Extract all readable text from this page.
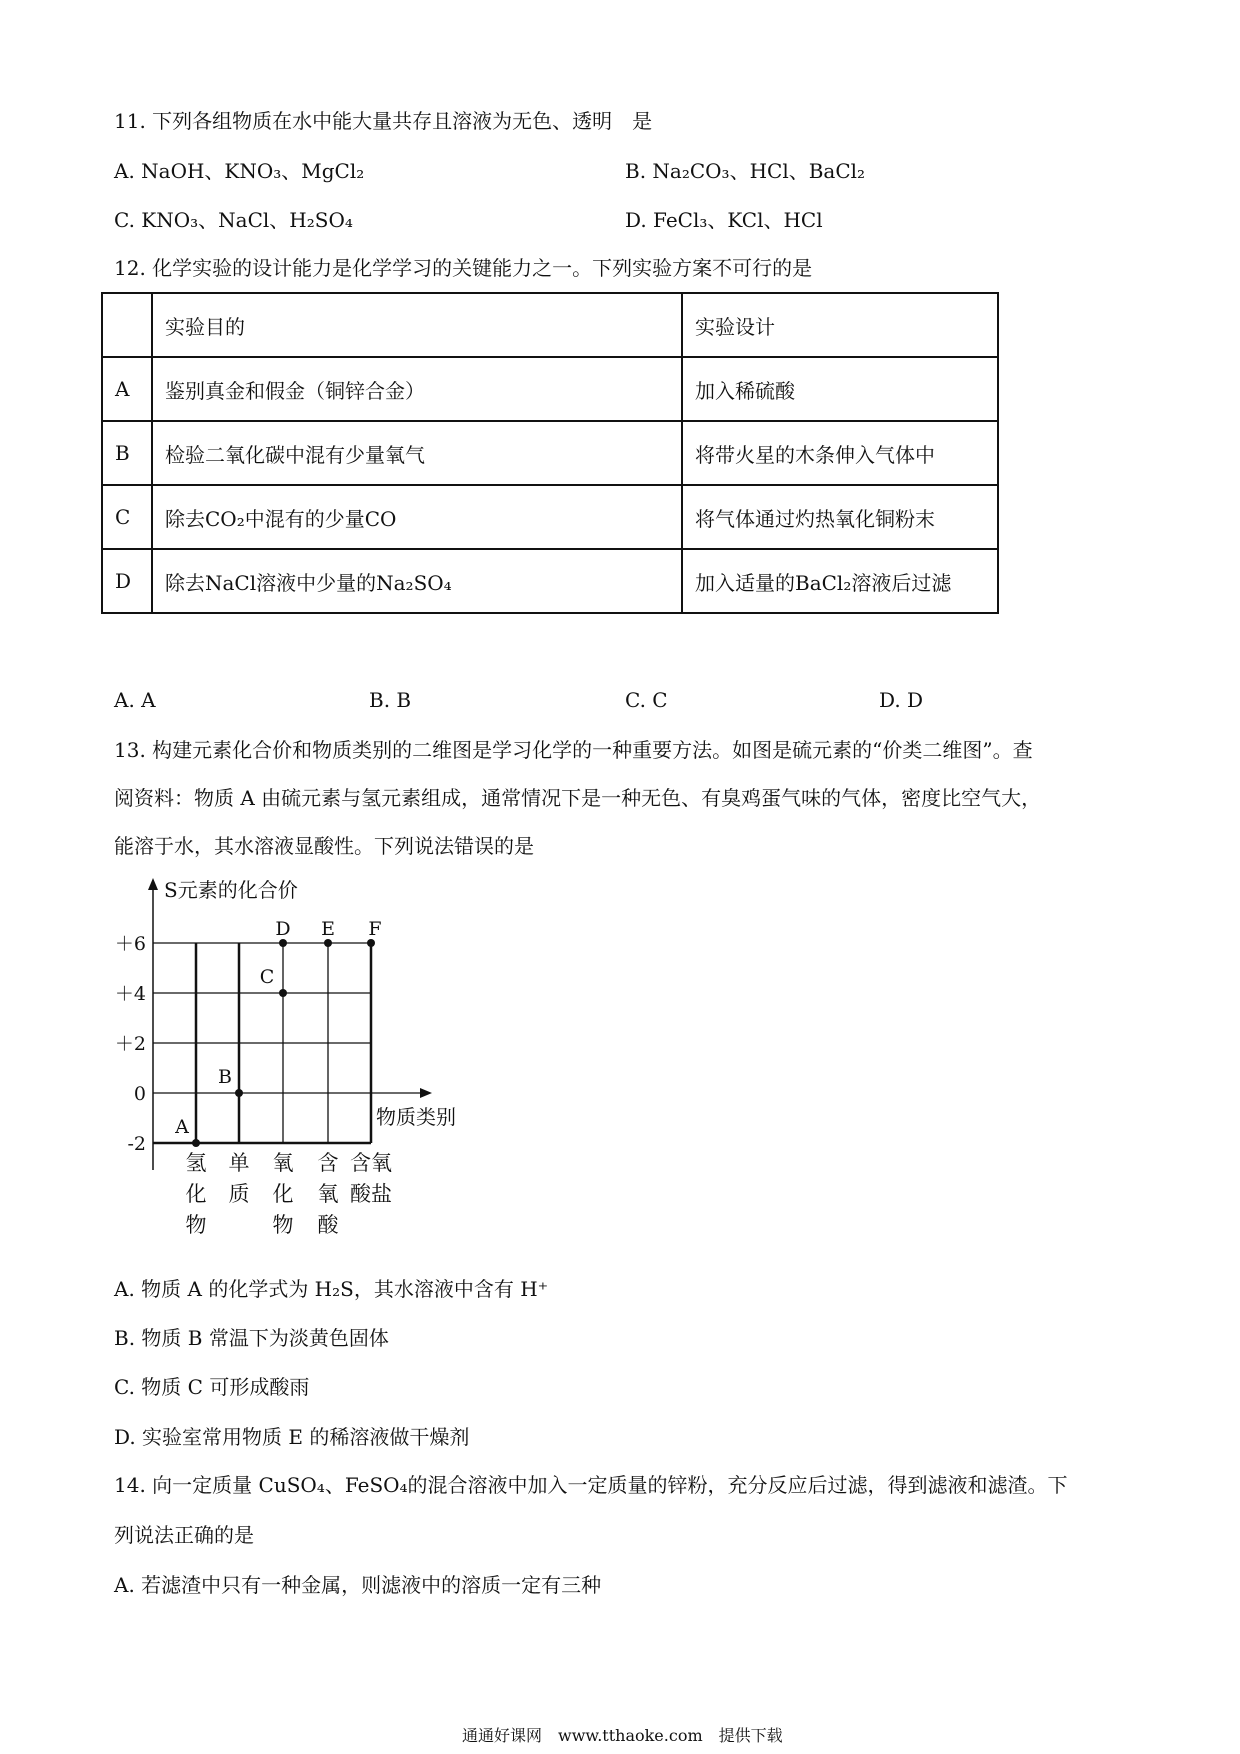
11. 下列各组物质在水中能大量共存且溶液为无色、透明　是
A. NaOH、KNO₃、MgCl₂	B. Na₂CO₃、HCl、BaCl₂
C. KNO₃、NaCl、H₂SO₄	D. FeCl₃、KCl、HCl
12. 化学实验的设计能力是化学学习的关键能力之一。下列实验方案不可行的是
	实验目的	实验设计
A	鉴别真金和假金（铜锌合金）	加入稀硫酸
B	检验二氧化碳中混有少量氧气	将带火星的木条伸入气体中
C	除去CO₂中混有的少量CO	将气体通过灼热氧化铜粉末
D	除去NaCl溶液中少量的Na₂SO₄	加入适量的BaCl₂溶液后过滤
A. A	B. B	C. C	D. D
13. 构建元素化合价和物质类别的二维图是学习化学的一种重要方法。如图是硫元素的“价类二维图”。查
阅资料：物质 A 由硫元素与氢元素组成，通常情况下是一种无色、有臭鸡蛋气味的气体，密度比空气大，
能溶于水，其水溶液显酸性。下列说法错误的是
＋6
＋4
＋2
0
-2
氢
化
物
单
质
氧
化
物
含
氧
酸
含氧
酸盐
S元素的化合价
物质类别
A
B
C
D E F
A. 物质 A 的化学式为 H₂S，其水溶液中含有 H⁺
B. 物质 B 常温下为淡黄色固体
C. 物质 C 可形成酸雨
D. 实验室常用物质 E 的稀溶液做干燥剂
14. 向一定质量 CuSO₄、FeSO₄的混合溶液中加入一定质量的锌粉，充分反应后过滤，得到滤液和滤渣。下
列说法正确的是
A. 若滤渣中只有一种金属，则滤液中的溶质一定有三种
通通好课网　www.tthaoke.com　提供下载
